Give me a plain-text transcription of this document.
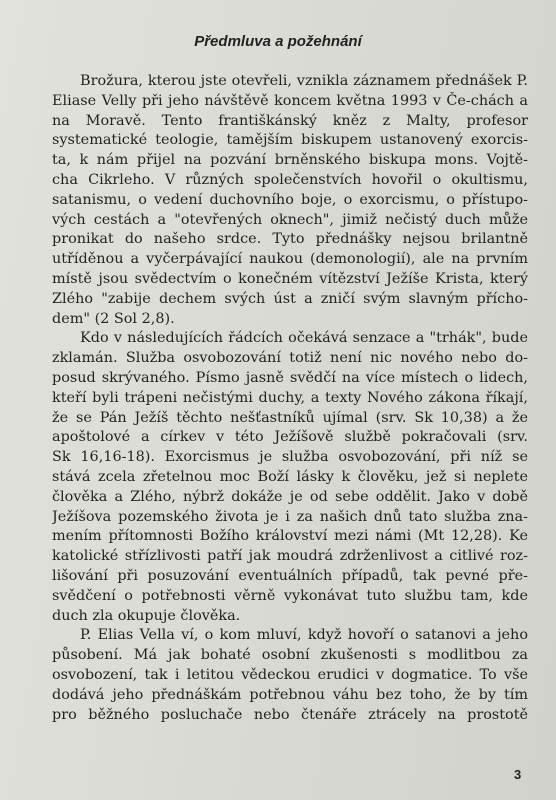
Předmluva a požehnání
Brožura, kterou jste otevřeli, vznikla záznamem přednášek P.
Eliase Velly při jeho návštěvě koncem května 1993 v Če-chách a
na Moravě. Tento františkánský kněz z Malty, profesor
systematické teologie, tamějším biskupem ustanovený exorcis-
ta, k nám přijel na pozvání brněnského biskupa mons. Vojtě-
cha Cikrleho. V různých společenstvích hovořil o okultismu,
satanismu, o vedení duchovního boje, o exorcismu, o přístupo-
vých cestách a "otevřených oknech", jimiž nečistý duch může
pronikat do našeho srdce. Tyto přednášky nejsou brilantně
utříděnou a vyčerpávající naukou (demonologií), ale na prvním
místě jsou svědectvím o konečném vítězství Ježíše Krista, který
Zlého "zabije dechem svých úst a zničí svým slavným přícho-
dem" (2 Sol 2,8).
Kdo v následujících řádcích očekává senzace a "trhák", bude
zklamán. Služba osvobozování totiž není nic nového nebo do-
posud skrývaného. Písmo jasně svědčí na více místech o lidech,
kteří byli trápeni nečistými duchy, a texty Nového zákona říkají,
že se Pán Ježíš těchto nešťastníků ujímal (srv. Sk 10,38) a že
apoštolové a církev v této Ježíšově službě pokračovali (srv.
Sk 16,16-18). Exorcismus je služba osvobozování, při níž se
stává zcela zřetelnou moc Boží lásky k člověku, jež si neplete
člověka a Zlého, nýbrž dokáže je od sebe oddělit. Jako v době
Ježíšova pozemského života je i za našich dnů tato služba zna-
mením přítomnosti Božího království mezi námi (Mt 12,28). Ke
katolické střízlivosti patří jak moudrá zdrženlivost a citlivé roz-
lišování při posuzování eventuálních případů, tak pevné pře-
svědčení o potřebnosti věrně vykonávat tuto službu tam, kde
duch zla okupuje člověka.
P. Elias Vella ví, o kom mluví, když hovoří o satanovi a jeho
působení. Má jak bohaté osobní zkušenosti s modlitbou za
osvobození, tak i letitou vědeckou erudici v dogmatice. To vše
dodává jeho přednáškám potřebnou váhu bez toho, že by tím
pro běžného posluchače nebo čtenáře ztrácely na prostotě
3
